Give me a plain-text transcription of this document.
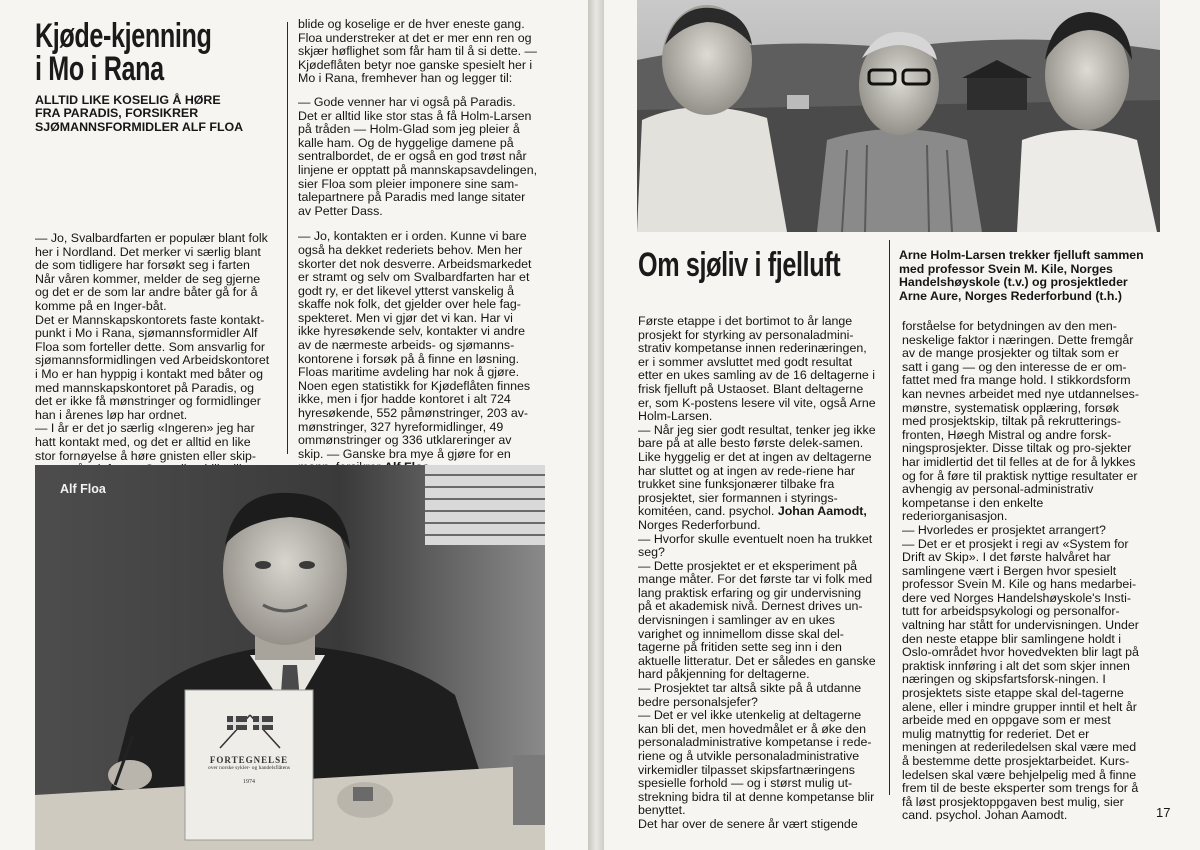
Kjøde-kjenning
i Mo i Rana
ALLTID LIKE KOSELIG Å HØRE
FRA PARADIS, FORSIKRER
SJØMANNSFORMIDLER ALF FLOA

— Jo, Svalbardfarten er populær blant folk her i Nordland. Det merker vi særlig blant de som tidligere har forsøkt seg i farten Når våren kommer, melder de seg gjerne og det er de som lar andre båter gå for å komme på en Inger-båt.

Det er Mannskapskontorets faste kontakt-punkt i Mo i Rana, sjømannsformidler Alf Floa som forteller dette. Som ansvarlig for sjømannsformidlingen ved Arbeidskontoret i Mo er han hyppig i kontakt med båter og med mannskapskontoret på Paradis, og det er ikke få mønstringer og formidlinger han i årenes løp har ordnet.

— I år er det jo særlig «Ingeren» jeg har hatt kontakt med, og det er alltid en like stor fornøyelse å høre gnisten eller skip-

blide og koselige er de hver eneste gang. Floa understreker at det er mer enn ren og skjær høflighet som får ham til å si dette. — Kjødeflåten betyr noe ganske spesielt her i Mo i Rana, fremhever han og legger til:

— Gode venner har vi også på Paradis. Det er alltid like stor stas å få Holm-Larsen på tråden — Holm-Glad som jeg pleier å kalle ham. Og de hyggelige damene på sentralbordet, de er også en god trøst når linjene er opptatt på mannskapsavdelingen, sier Floa som pleier imponere sine sam-talepartnere på Paradis med lange sitater av Petter Dass.

— Jo, kontakten er i orden. Kunne vi bare også ha dekket rederiets behov. Men her skorter det nok desverre. Arbeidsmarkedet er stramt og selv om Svalbardfarten har et godt ry, er det likevel ytterst vanskelig å skaffe nok folk, det gjelder over hele fag-spekteret. Men vi gjør det vi kan. Har vi ikke hyresøkende selv, kontakter vi andre av de nærmeste arbeids- og sjømanns-kontorene i forsøk på å finne en løsning. Floas maritime avdeling har nok å gjøre. Noen egen statistikk for Kjødeflåten finnes ikke, men i fjor hadde kontoret i alt 724 hyresøkende, 552 påmønstringer, 203 av-mønstringer, 327 hyreformidlinger, 49 ommønstringer og 336 utklareringer av skip. — Ganske bra mye å gjøre for en

FORTEGNELSE
over norske sykler- og handelsflåtens
1974
Alf Floa
Om sjøliv i fjelluft	Arne Holm-Larsen trekker fjelluft sammen
med professor Svein M. Kile, Norges
Handelshøyskole (t.v.) og prosjektleder
Arne Aure, Norges Rederforbund (t.h.)

Første etappe i det bortimot to år lange prosjekt for styrking av personaladmini-strativ kompetanse innen rederinæringen, er i sommer avsluttet med godt resultat etter en ukes samling av de 16 deltagerne i frisk fjelluft på Ustaoset. Blant deltagerne er, som K-postens lesere vil vite, også Arne Holm-Larsen.

— Når jeg sier godt resultat, tenker jeg ikke bare på at alle besto første delek-samen. Like hyggelig er det at ingen av deltagerne har sluttet og at ingen av rede-riene har trukket sine funksjonærer tilbake fra prosjektet, sier formannen i styrings-komitéen, cand. psychol. Johan Aamodt, Norges Rederforbund.

— Hvorfor skulle eventuelt noen ha trukket seg?

— Dette prosjektet er et eksperiment på mange måter. For det første tar vi folk med lang praktisk erfaring og gir undervisning på et akademisk nivå. Dernest drives un-dervisningen i samlinger av en ukes varighet og innimellom disse skal del-tagerne på fritiden sette seg inn i den aktuelle litteratur. Det er således en ganske hard påkjenning for deltagerne.

— Prosjektet tar altså sikte på å utdanne bedre personalsjefer?

— Det er vel ikke utenkelig at deltagerne kan bli det, men hovedmålet er å øke den personaladministrative kompetanse i rede-riene og å utvikle personaladministrative virkemidler tilpasset skipsfartnæringens spesielle forhold — og i størst mulig ut-strekning bidra til at denne kompetanse blir benyttet.

Det har over de senere år vært stigende

forståelse for betydningen av den men-neskelige faktor i næringen. Dette fremgår av de mange prosjekter og tiltak som er satt i gang — og den interesse de er om-fattet med fra mange hold. I stikkordsform kan nevnes arbeidet med nye utdannelses-mønstre, systematisk opplæring, forsøk med prosjektskip, tiltak på rekrutterings-fronten, Høegh Mistral og andre forsk-ningsprosjekter. Disse tiltak og pro-sjekter har imidlertid det til felles at de for å lykkes og for å føre til praktisk nyttige resultater er avhengig av personal-administrativ kompetanse i den enkelte rederiorganisasjon.

— Hvorledes er prosjektet arrangert?

— Det er et prosjekt i regi av «System for Drift av Skip». I det første halvåret har samlingene vært i Bergen hvor spesielt professor Svein M. Kile og hans medarbei-dere ved Norges Handelshøyskole's Insti-tutt for arbeidspsykologi og personalfor-valtning har stått for undervisningen. Under den neste etappe blir samlingene holdt i Oslo-området hvor hovedvekten blir lagt på praktisk innføring i alt det som skjer innen næringen og skipsfartsforsk-ningen. I prosjektets siste etappe skal del-tagerne alene, eller i mindre grupper inntil et helt år arbeide med en oppgave som er mest mulig matnyttig for rederiet. Det er meningen at rederiledelsen skal være med å bestemme dette prosjektarbeidet. Kurs-ledelsen skal være behjelpelig med å finne frem til de beste eksperter som trengs for å få løst prosjektoppgaven best mulig, sier cand. psychol. Johan Aamodt.	17
